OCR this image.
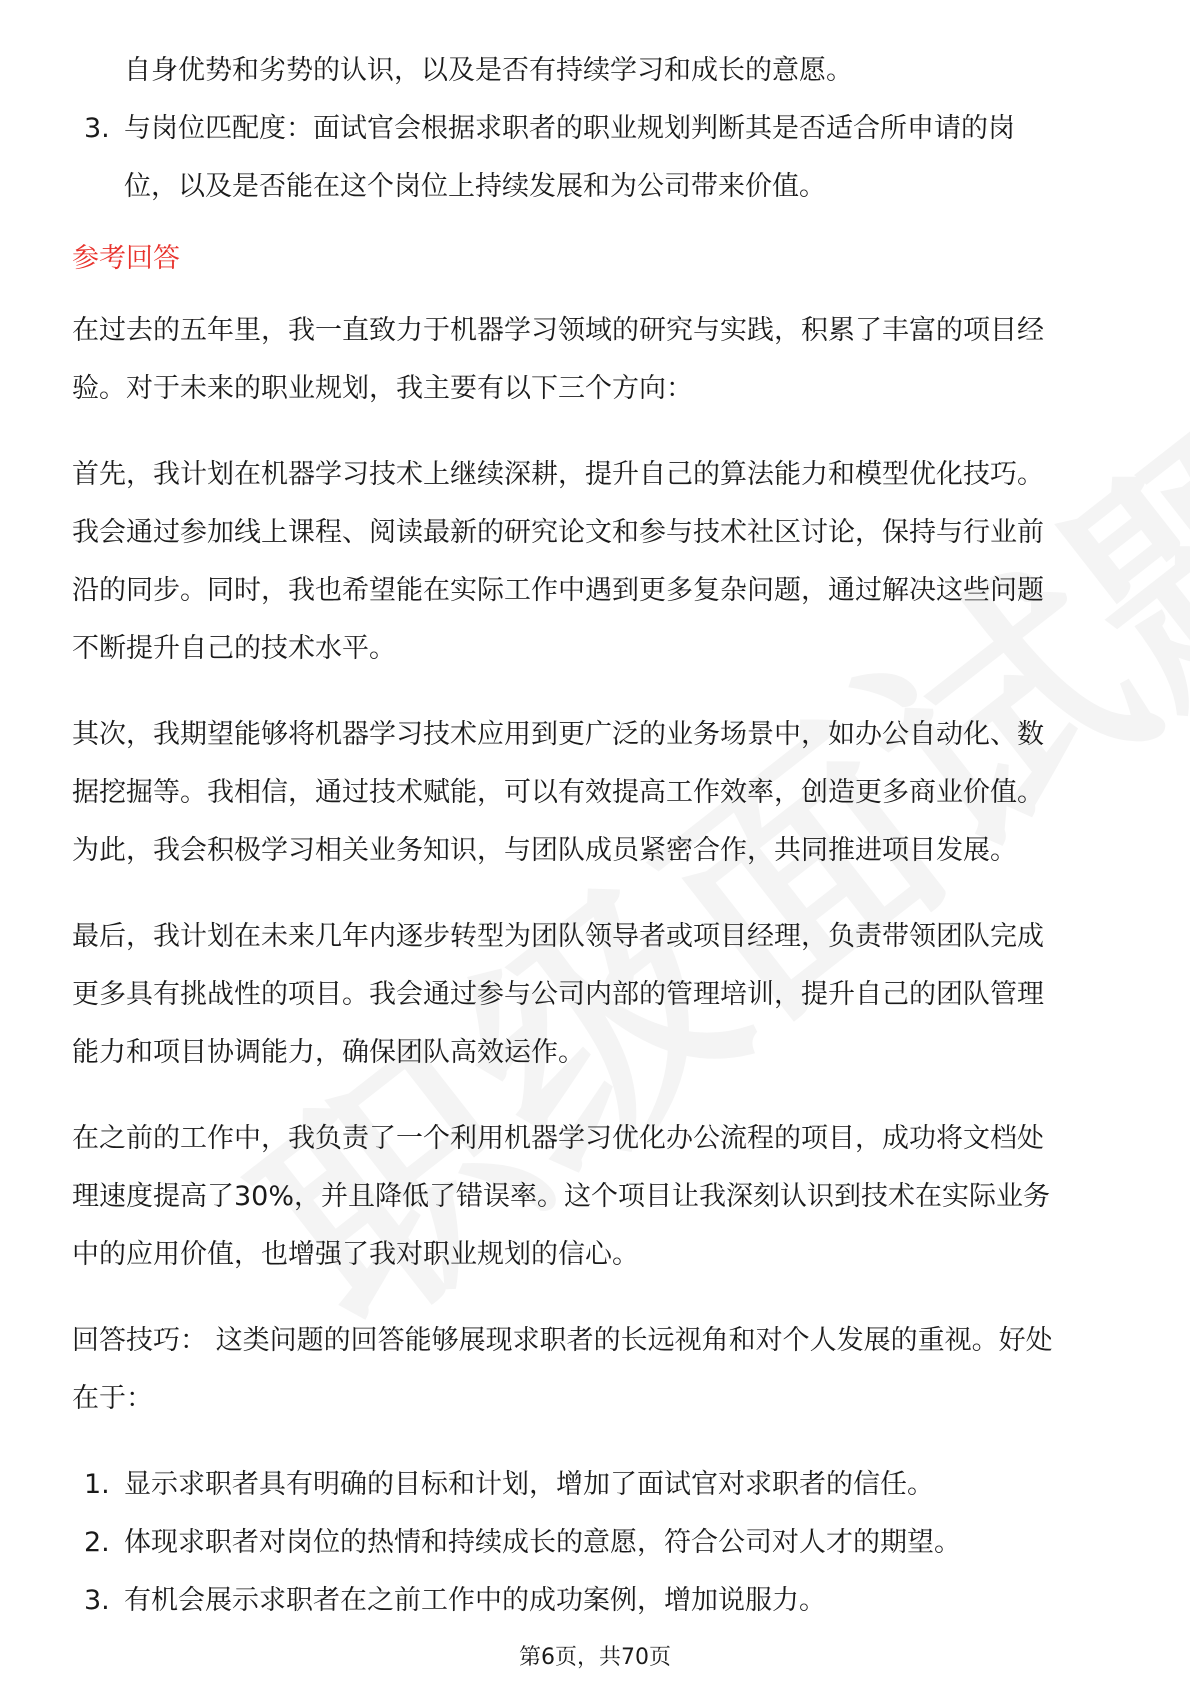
自身优势和劣势的认识，以及是否有持续学习和成长的意愿。

3. 与岗位匹配度：面试官会根据求职者的职业规划判断其是否适合所申请的岗

位，以及是否能在这个岗位上持续发展和为公司带来价值。

参考回答

在过去的五年里，我一直致力于机器学习领域的研究与实践，积累了丰富的项目经

验。对于未来的职业规划，我主要有以下三个方向：

首先，我计划在机器学习技术上继续深耕，提升自己的算法能力和模型优化技巧。

我会通过参加线上课程、阅读最新的研究论文和参与技术社区讨论，保持与行业前

沿的同步。同时，我也希望能在实际工作中遇到更多复杂问题，通过解决这些问题

不断提升自己的技术水平。

其次，我期望能够将机器学习技术应用到更广泛的业务场景中，如办公自动化、数

据挖掘等。我相信，通过技术赋能，可以有效提高工作效率，创造更多商业价值。

为此，我会积极学习相关业务知识，与团队成员紧密合作，共同推进项目发展。

最后，我计划在未来几年内逐步转型为团队领导者或项目经理，负责带领团队完成

更多具有挑战性的项目。我会通过参与公司内部的管理培训，提升自己的团队管理

能力和项目协调能力，确保团队高效运作。

在之前的工作中，我负责了一个利用机器学习优化办公流程的项目，成功将文档处

理速度提高了30%，并且降低了错误率。这个项目让我深刻认识到技术在实际业务

中的应用价值，也增强了我对职业规划的信心。

回答技巧： 这类问题的回答能够展现求职者的长远视角和对个人发展的重视。好处

在于：

1. 显示求职者具有明确的目标和计划，增加了面试官对求职者的信任。

2. 体现求职者对岗位的热情和持续成长的意愿，符合公司对人才的期望。

3. 有机会展示求职者在之前工作中的成功案例，增加说服力。

第6页，共70页
